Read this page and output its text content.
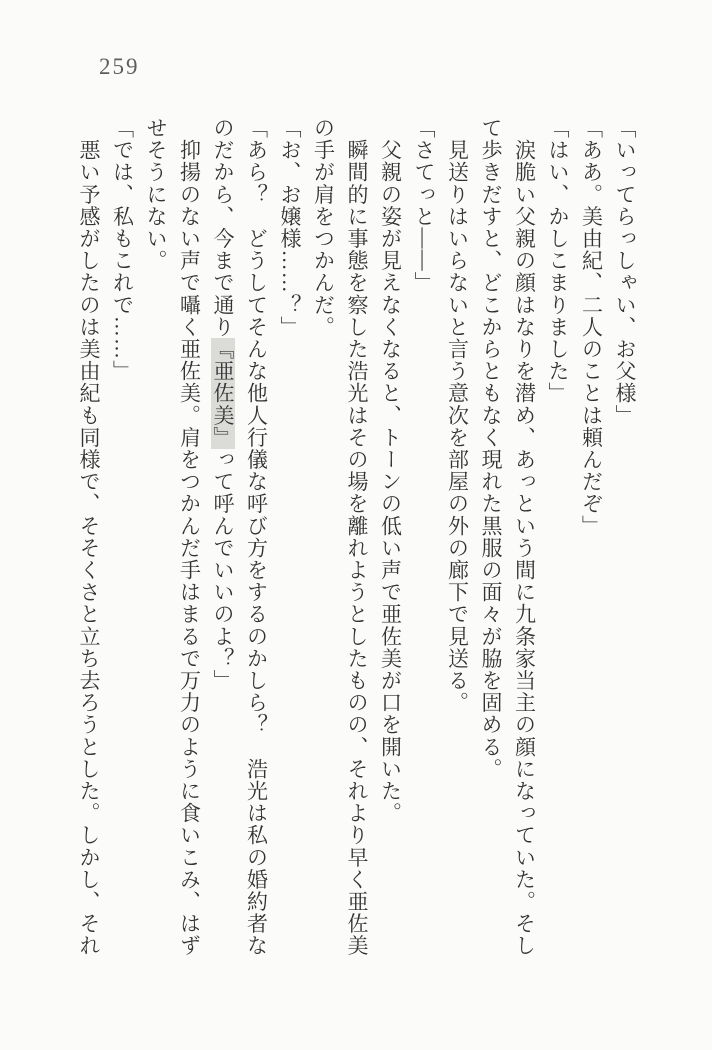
259
「いってらっしゃい、お父様」
「ああ。美由紀、二人のことは頼んだぞ」
「はい、かしこまりました」
　涙脆い父親の顔はなりを潜め、あっという間に九条家当主の顔になっていた。そし
て歩きだすと、どこからともなく現れた黒服の面々が脇を固める。
　見送りはいらないと言う意次を部屋の外の廊下で見送る。
「さてっと――」
　父親の姿が見えなくなると、トーンの低い声で亜佐美が口を開いた。
　瞬間的に事態を察した浩光はその場を離れようとしたものの、それより早く亜佐美
の手が肩をつかんだ。
「お、お嬢様……？」
「あら？　どうしてそんな他人行儀な呼び方をするのかしら？　浩光は私の婚約者な
のだから、今まで通り『亜佐美』って呼んでいいのよ？」
　抑揚のない声で囁く亜佐美。肩をつかんだ手はまるで万力のように食いこみ、はず
せそうにない。
「では、私もこれで……」
　悪い予感がしたのは美由紀も同様で、そそくさと立ち去ろうとした。しかし、それ
